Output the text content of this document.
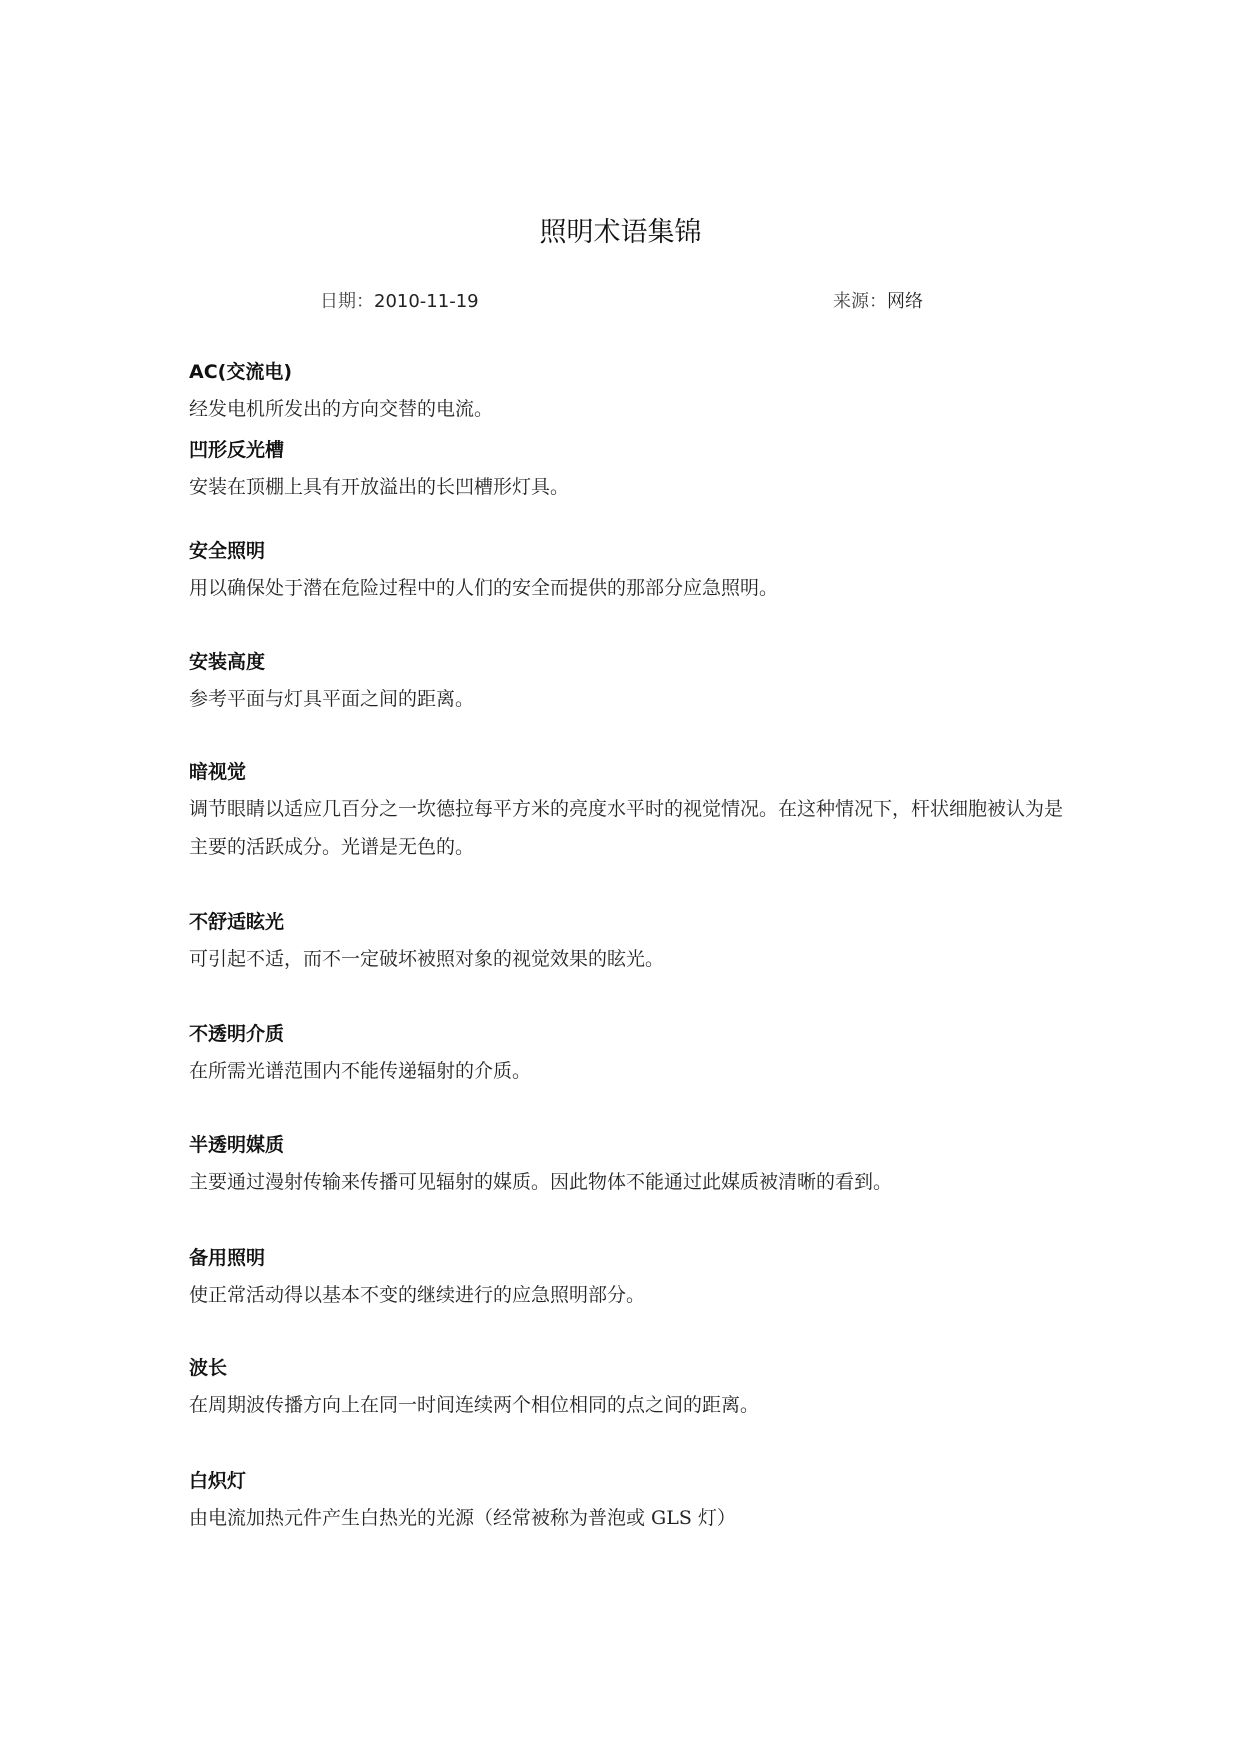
照明术语集锦
日期：2010-11-19	来源：网络

AC(交流电)

经发电机所发出的方向交替的电流。

凹形反光槽

安装在顶棚上具有开放溢出的长凹槽形灯具。

安全照明

用以确保处于潜在危险过程中的人们的安全而提供的那部分应急照明。

安装高度

参考平面与灯具平面之间的距离。

暗视觉

调节眼睛以适应几百分之一坎德拉每平方米的亮度水平时的视觉情况。在这种情况下，杆状细胞被认为是主要的活跃成分。光谱是无色的。

不舒适眩光

可引起不适，而不一定破坏被照对象的视觉效果的眩光。

不透明介质

在所需光谱范围内不能传递辐射的介质。

半透明媒质

主要通过漫射传输来传播可见辐射的媒质。因此物体不能通过此媒质被清晰的看到。

备用照明

使正常活动得以基本不变的继续进行的应急照明部分。

波长

在周期波传播方向上在同一时间连续两个相位相同的点之间的距离。

白炽灯

由电流加热元件产生白热光的光源（经常被称为普泡或 GLS 灯）
